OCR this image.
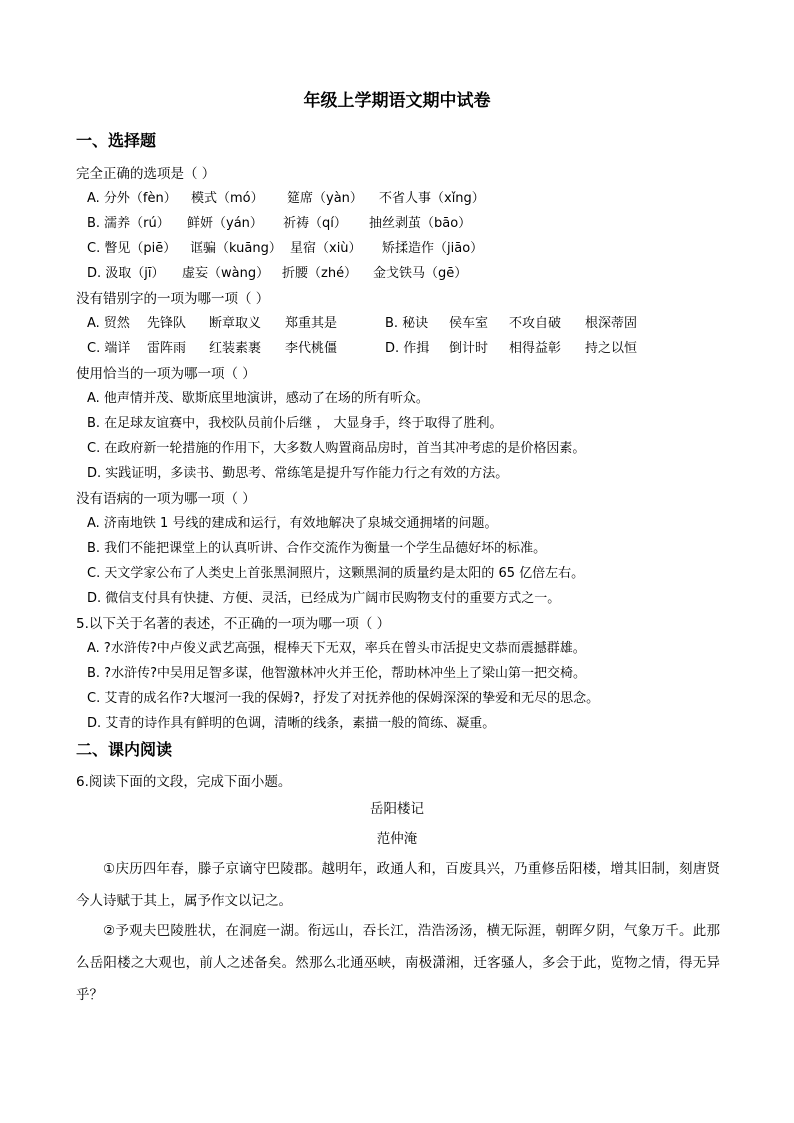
年级上学期语文期中试卷
一、选择题
完全正确的选项是（ ）
A. 分外（fèn） 模式（mó） 筵席（yàn） 不省人事（xǐng）
B. 濡养（rú） 鲜妍（yán） 祈祷（qí） 抽丝剥茧（bāo）
C. 瞥见（piē） 诓骗（kuāng） 星宿（xiù） 矫揉造作（jiāo）
D. 汲取（jī） 虚妄（wàng） 折腰（zhé） 金戈铁马（gē）
没有错别字的一项为哪一项（ ）
A. 贸然 先锋队 断章取义 郑重其是	B. 秘诀 侯车室 不攻自破 根深蒂固
C. 端详 雷阵雨 红装素裹 李代桃僵	D. 作揖 倒计时 相得益彰 持之以恒
使用恰当的一项为哪一项（ ）
A. 他声情并茂、歇斯底里地演讲，感动了在场的所有听众。
B. 在足球友谊赛中，我校队员前仆后继 ， 大显身手，终于取得了胜利。
C. 在政府新一轮措施的作用下，大多数人购置商品房时，首当其冲考虑的是价格因素。
D. 实践证明，多读书、勤思考、常练笔是提升写作能力行之有效的方法。
没有语病的一项为哪一项（ ）
A. 济南地铁 1 号线的建成和运行，有效地解决了泉城交通拥堵的问题。
B. 我们不能把课堂上的认真听讲、合作交流作为衡量一个学生品德好坏的标准。
C. 天文学家公布了人类史上首张黑洞照片，这颗黑洞的质量约是太阳的 65 亿倍左右。
D. 微信支付具有快捷、方便、灵活，已经成为广阔市民购物支付的重要方式之一。
5.以下关于名著的表述，不正确的一项为哪一项（ ）
A. ?水浒传?中卢俊义武艺高强，棍棒天下无双，率兵在曾头市活捉史文恭而震撼群雄。
B. ?水浒传?中吴用足智多谋，他智激林冲火并王伦，帮助林冲坐上了梁山第一把交椅。
C. 艾青的成名作?大堰河一我的保姆?，抒发了对抚养他的保姆深深的挚爱和无尽的思念。
D. 艾青的诗作具有鲜明的色调，清晰的线条，素描一般的简练、凝重。
二、课内阅读
6.阅读下面的文段，完成下面小题。
岳阳楼记
范仲淹
①庆历四年春，滕子京谪守巴陵郡。越明年，政通人和，百废具兴，乃重修岳阳楼，增其旧制，刻唐贤今人诗赋于其上，属予作文以记之。
②予观夫巴陵胜状，在洞庭一湖。衔远山，吞长江，浩浩汤汤，横无际涯，朝晖夕阴，气象万千。此那么岳阳楼之大观也，前人之述备矣。然那么北通巫峡，南极潇湘，迁客骚人，多会于此，览物之情，得无异乎？
